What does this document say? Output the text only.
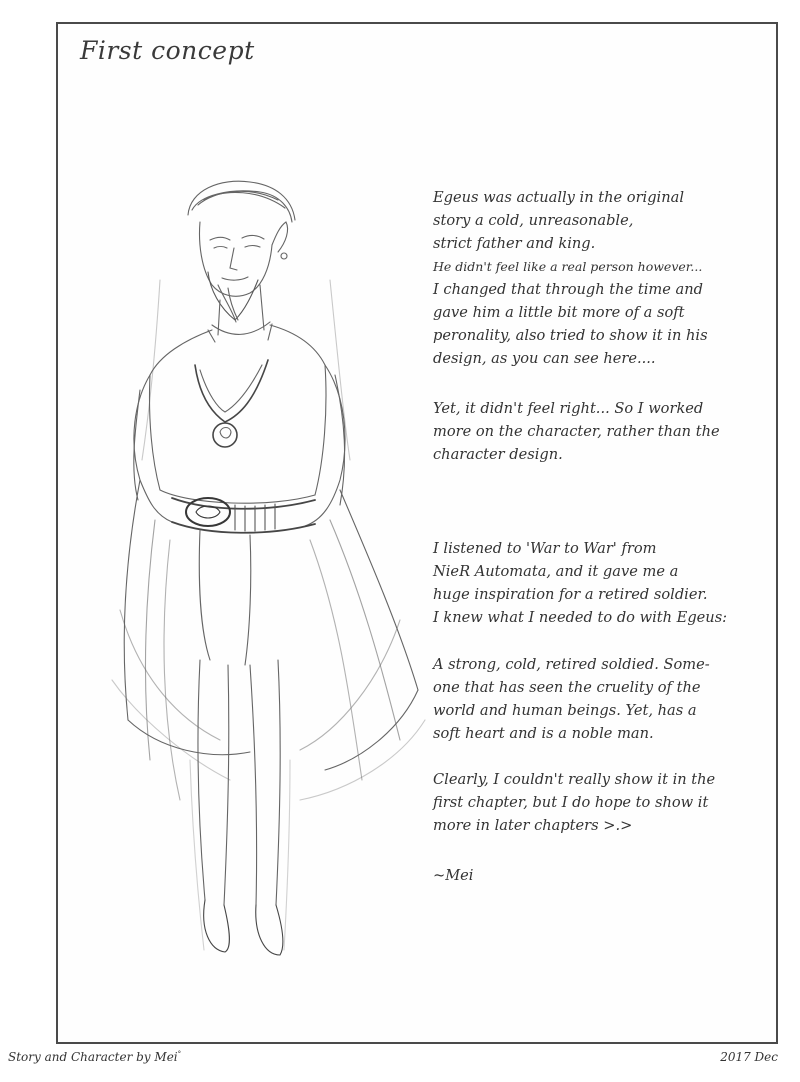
First concept
Egeus was actually in the original
story a cold, unreasonable,
strict father and king.
He didn't feel like a real person however...
I changed that through the time and
gave him a little bit more of a soft
peronality, also tried to show it in his
design, as you can see here....
Yet, it didn't feel right... So I worked
more on the character, rather than the
character design.
I listened to 'War to War' from
NieR Automata, and it gave me a
huge inspiration for a retired soldier.
I knew what I needed to do with Egeus:
A strong, cold, retired soldied. Some-
one that has seen the cruelity of the
world and human beings. Yet, has a
soft heart and is a noble man.
Clearly, I couldn't really show it in the
first chapter, but I do hope to show it
more in later chapters >.>
~Mei
Story and Character by Mei°	2017 Dec
